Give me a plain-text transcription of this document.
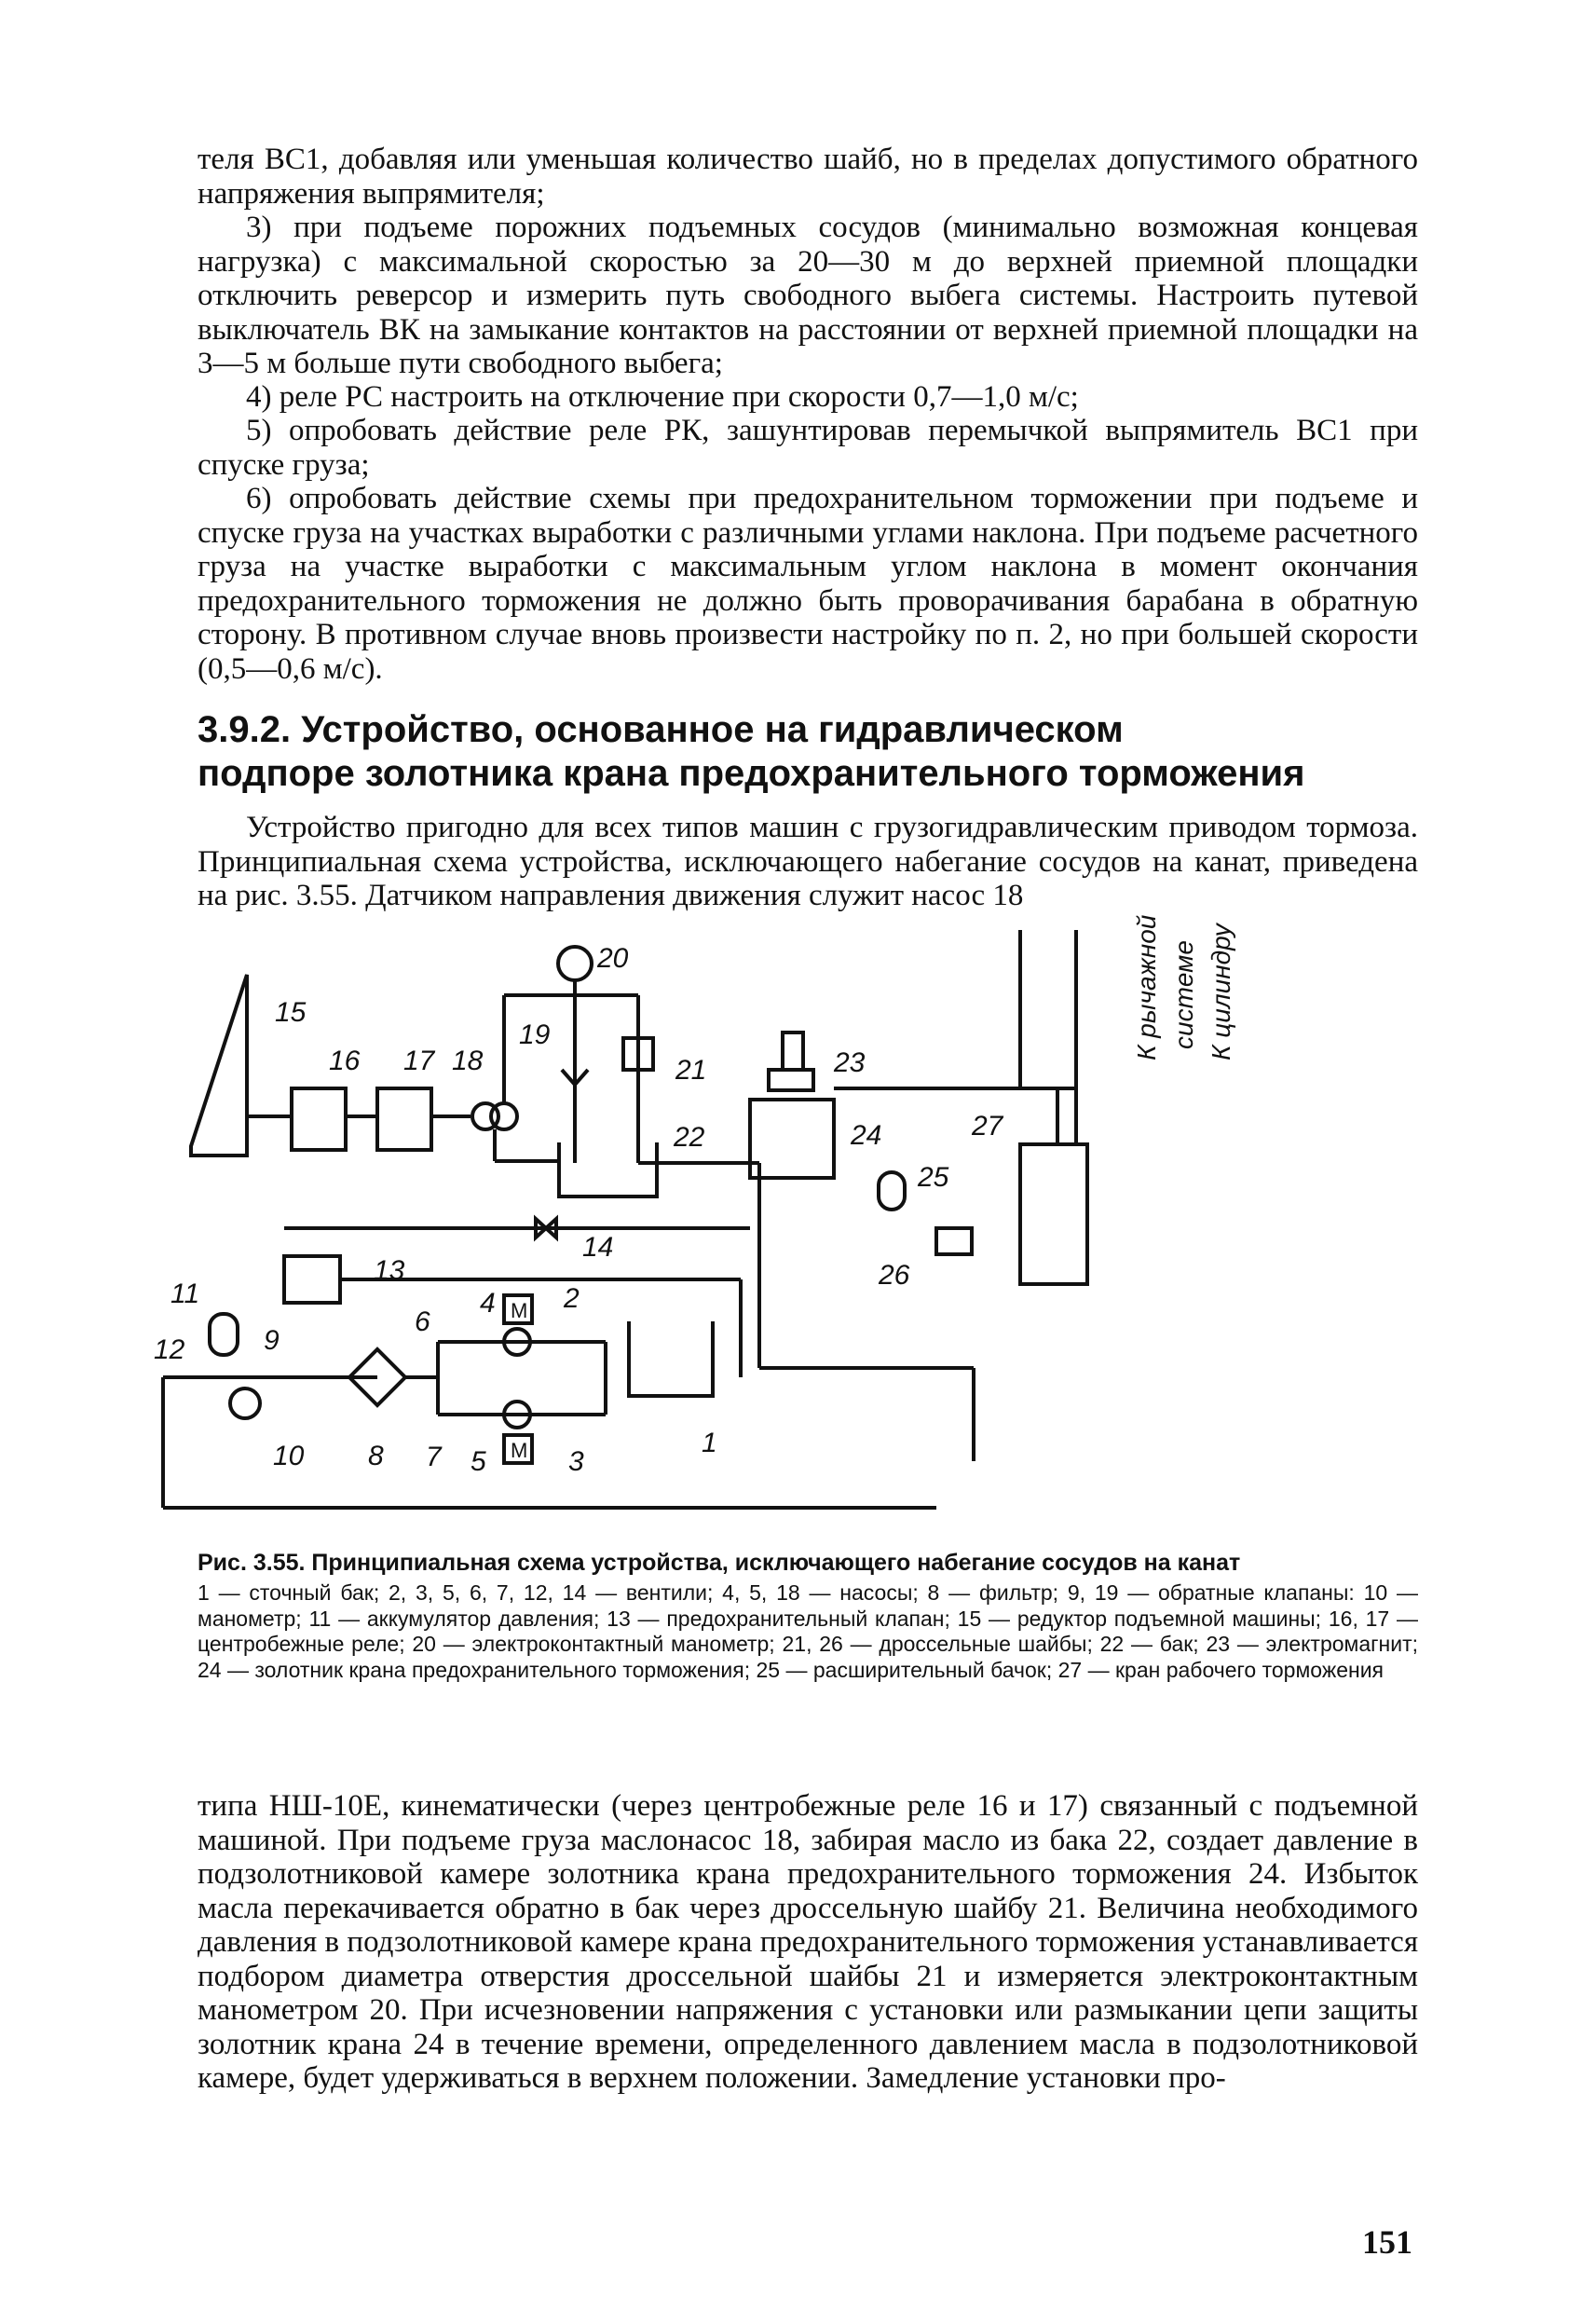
теля ВС1, добавляя или уменьшая количество шайб, но в пределах допустимого обратного напряжения выпрямителя;

3) при подъеме порожних подъемных сосудов (минимально возможная концевая нагрузка) с максимальной скоростью за 20—30 м до верхней приемной площадки отключить реверсор и измерить путь свободного выбега системы. Настроить путевой выключатель ВК на замыкание контактов на расстоянии от верхней приемной площадки на 3—5 м больше пути свободного выбега;

4) реле РС настроить на отключение при скорости 0,7—1,0 м/с;

5) опробовать действие реле РК, зашунтировав перемычкой выпрямитель ВС1 при спуске груза;

6) опробовать действие схемы при предохранительном торможении при подъеме и спуске груза на участках выработки с различными углами наклона. При подъеме расчетного груза на участке выработки с максимальным углом наклона в момент окончания предохранительного торможения не должно быть проворачивания барабана в обратную сторону. В противном случае вновь произвести настройку по п. 2, но при большей скорости (0,5—0,6 м/с).

3.9.2. Устройство, основанное на гидравлическом
подпоре золотника крана предохранительного торможения

Устройство пригодно для всех типов машин с грузогидравлическим приводом тормоза. Принципиальная схема устройства, исключающего набегание сосудов на канат, приведена на рис. 3.55. Датчиком направления движения служит насос 18

15
16 17 18
20
19
21
22
14
13
11
12
10
9
8
М
М
4
5
6
7
2
3
1
23
24
25
26
27
К рычажной системе К цилиндру

Рис. 3.55. Принципиальная схема устройства, исключающего набегание сосудов на канат

1 — сточный бак; 2, 3, 5, 6, 7, 12, 14 — вентили; 4, 5, 18 — насосы; 8 — фильтр; 9, 19 — обратные клапаны: 10 — манометр; 11 — аккумулятор давления; 13 — предохранительный клапан; 15 — редуктор подъемной машины; 16, 17 — центробежные реле; 20 — электроконтактный манометр; 21, 26 — дроссельные шайбы; 22 — бак; 23 — электромагнит; 24 — золотник крана предохранительного торможения; 25 — расширительный бачок; 27 — кран рабочего торможения

типа НШ-10Е, кинематически (через центробежные реле 16 и 17) связанный с подъемной машиной. При подъеме груза маслонасос 18, забирая масло из бака 22, создает давление в подзолотниковой камере золотника крана предохранительного торможения 24. Избыток масла перекачивается обратно в бак через дроссельную шайбу 21. Величина необходимого давления в подзолотниковой камере крана предохранительного торможения устанавливается подбором диаметра отверстия дроссельной шайбы 21 и измеряется электроконтактным манометром 20. При исчезновении напряжения с установки или размыкании цепи защиты золотник крана 24 в течение времени, определенного давлением масла в подзолотниковой камере, будет удерживаться в верхнем положении. Замедление установки про-

151
